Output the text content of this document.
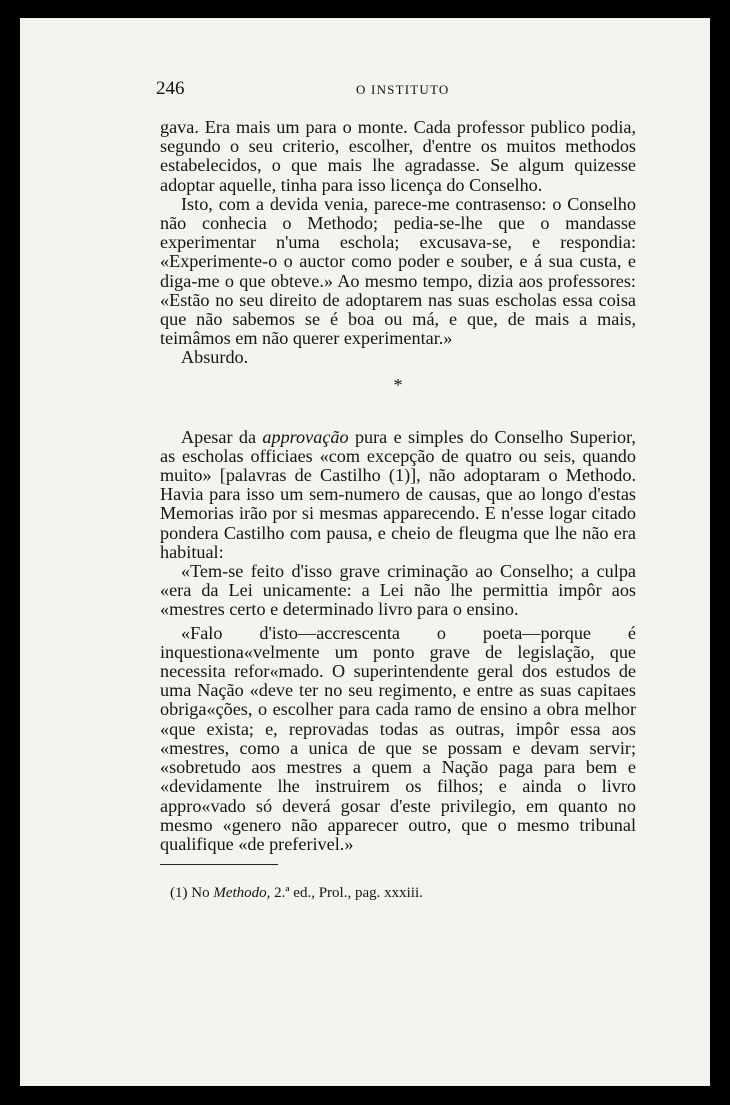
246	O INSTITUTO

gava. Era mais um para o monte. Cada professor publico podia, segundo o seu criterio, escolher, d'entre os muitos methodos estabelecidos, o que mais lhe agradasse. Se algum quizesse adoptar aquelle, tinha para isso licença do Conselho.

Isto, com a devida venia, parece-me contrasenso: o Conselho não conhecia o Methodo; pedia-se-lhe que o mandasse experimentar n'uma eschola; excusava-se, e respondia: «Experimente-o o auctor como poder e souber, e á sua custa, e diga-me o que obteve.» Ao mesmo tempo, dizia aos professores: «Estão no seu direito de adoptarem nas suas escholas essa coisa que não sabemos se é boa ou má, e que, de mais a mais, teimâmos em não querer experimentar.»

Absurdo.

*

Apesar da approvação pura e simples do Conselho Superior, as escholas officiaes «com excepção de quatro ou seis, quando muito» [palavras de Castilho (1)], não adoptaram o Methodo. Havia para isso um sem-numero de causas, que ao longo d'estas Memorias irão por si mesmas apparecendo. E n'esse logar citado pondera Castilho com pausa, e cheio de fleugma que lhe não era habitual:

«Tem-se feito d'isso grave criminação ao Conselho; a culpa «era da Lei unicamente: a Lei não lhe permittia impôr aos «mestres certo e determinado livro para o ensino.

«Falo d'isto—accrescenta o poeta—porque é inquestiona«velmente um ponto grave de legislação, que necessita refor«mado. O superintendente geral dos estudos de uma Nação «deve ter no seu regimento, e entre as suas capitaes obriga«ções, o escolher para cada ramo de ensino a obra melhor «que exista; e, reprovadas todas as outras, impôr essa aos «mestres, como a unica de que se possam e devam servir; «sobretudo aos mestres a quem a Nação paga para bem e «devidamente lhe instruirem os filhos; e ainda o livro appro«vado só deverá gosar d'este privilegio, em quanto no mesmo «genero não apparecer outro, que o mesmo tribunal qualifique «de preferivel.»

(1) No Methodo, 2.ª ed., Prol., pag. xxxiii.
